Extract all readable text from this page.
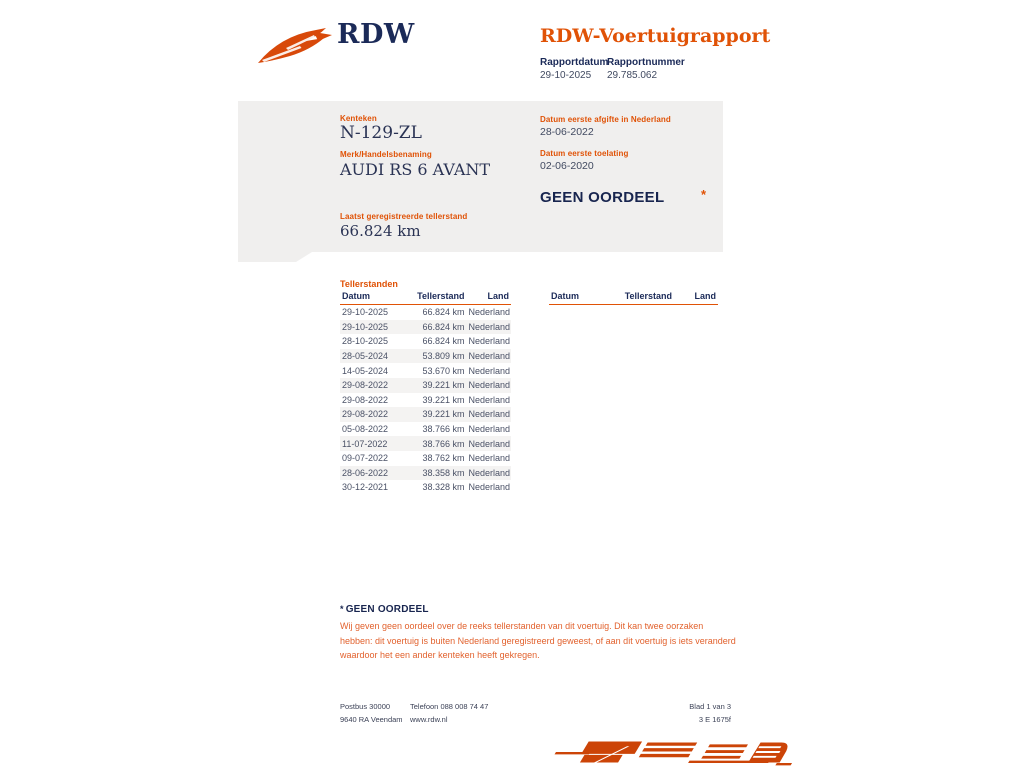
RDW	RDW-Voertuigrapport
Rapportdatum
Rapportnummer
29-10-2025 29.785.062
Kenteken
N-129-ZL
Merk/Handelsbenaming
AUDI RS 6 AVANT
Laatst geregistreerde tellerstand
66.824 km
Datum eerste afgifte in Nederland
28-06-2022
Datum eerste toelating
02-06-2020
GEEN OORDEEL	*
Tellerstanden
Datum	Tellerstand	Land
29-10-2025	66.824 km	Nederland
29-10-2025	66.824 km	Nederland
28-10-2025	66.824 km	Nederland
28-05-2024	53.809 km	Nederland
14-05-2024	53.670 km	Nederland
29-08-2022	39.221 km	Nederland
29-08-2022	39.221 km	Nederland
29-08-2022	39.221 km	Nederland
05-08-2022	38.766 km	Nederland
11-07-2022	38.766 km	Nederland
09-07-2022	38.762 km	Nederland
28-06-2022	38.358 km	Nederland
30-12-2021	38.328 km	Nederland
Datum	Tellerstand	Land
* GEEN OORDEEL
Wij geven geen oordeel over de reeks tellerstanden van dit voertuig. Dit kan twee oorzaken hebben: dit voertuig is buiten Nederland geregistreerd geweest, of aan dit voertuig is iets veranderd waardoor het een ander kenteken heeft gekregen.
Postbus 30000
9640 RA Veendam
Telefoon 088 008 74 47
www.rdw.nl
Blad 1 van 3
3 E 1675f
